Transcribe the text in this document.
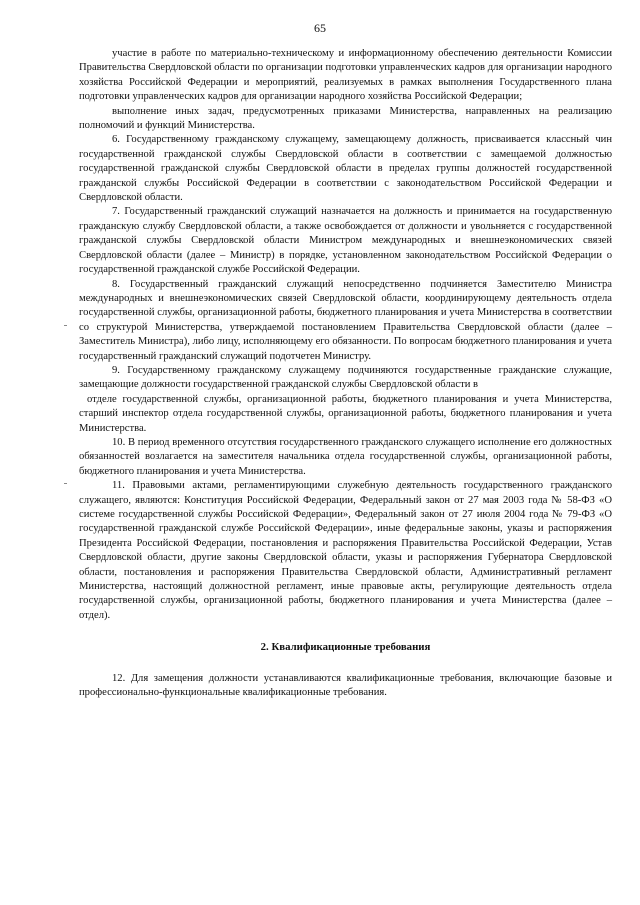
65

участие в работе по материально-техническому и информационному обеспечению деятельности Комиссии Правительства Свердловской области по организации подготовки управленческих кадров для организации народного хозяйства Российской Федерации и мероприятий, реализуемых в рамках выполнения Государственного плана подготовки управленческих кадров для организации народного хозяйства Российской Федерации;

выполнение иных задач, предусмотренных приказами Министерства, направленных на реализацию полномочий и функций Министерства.

6. Государственному гражданскому служащему, замещающему должность, присваивается классный чин государственной гражданской службы Свердловской области в соответствии с замещаемой должностью государственной гражданской службы Свердловской области в пределах группы должностей государственной гражданской службы Российской Федерации в соответствии с законодательством Российской Федерации и Свердловской области.

7. Государственный гражданский служащий назначается на должность и принимается на государственную гражданскую службу Свердловской области, а также освобождается от должности и увольняется с государственной гражданской службы Свердловской области Министром международных и внешнеэкономических связей Свердловской области (далее – Министр) в порядке, установленном законодательством Российской Федерации о государственной гражданской службе Российской Федерации.

8. Государственный гражданский служащий непосредственно подчиняется Заместителю Министра международных и внешнеэкономических связей Свердловской области, координирующему деятельность отдела государственной службы, организационной работы, бюджетного планирования и учета Министерства в соответствии со структурой Министерства, утверждаемой постановлением Правительства Свердловской области (далее – Заместитель Министра), либо лицу, исполняющему его обязанности. По вопросам бюджетного планирования и учета государственный гражданский служащий подотчетен Министру.

9. Государственному гражданскому служащему подчиняются государственные гражданские служащие, замещающие должности государственной гражданской службы Свердловской области в

отделе государственной службы, организационной работы, бюджетного планирования и учета Министерства, старший инспектор отдела государственной службы, организационной работы, бюджетного планирования и учета Министерства.

10. В период временного отсутствия государственного гражданского служащего исполнение его должностных обязанностей возлагается на заместителя начальника отдела государственной службы, организационной работы, бюджетного планирования и учета Министерства.

11. Правовыми актами, регламентирующими служебную деятельность государственного гражданского служащего, являются: Конституция Российской Федерации, Федеральный закон от 27 мая 2003 года № 58-ФЗ «О системе государственной службы Российской Федерации», Федеральный закон от 27 июля 2004 года № 79-ФЗ «О государственной гражданской службе Российской Федерации», иные федеральные законы, указы и распоряжения Президента Российской Федерации, постановления и распоряжения Правительства Российской Федерации, Устав Свердловской области, другие законы Свердловской области, указы и распоряжения Губернатора Свердловской области, постановления и распоряжения Правительства Свердловской области, Административный регламент Министерства, настоящий должностной регламент, иные правовые акты, регулирующие деятельность отдела государственной службы, организационной работы, бюджетного планирования и учета Министерства (далее – отдел).

2. Квалификационные требования

12. Для замещения должности устанавливаются квалификационные требования, включающие базовые и профессионально-функциональные квалификационные требования.
